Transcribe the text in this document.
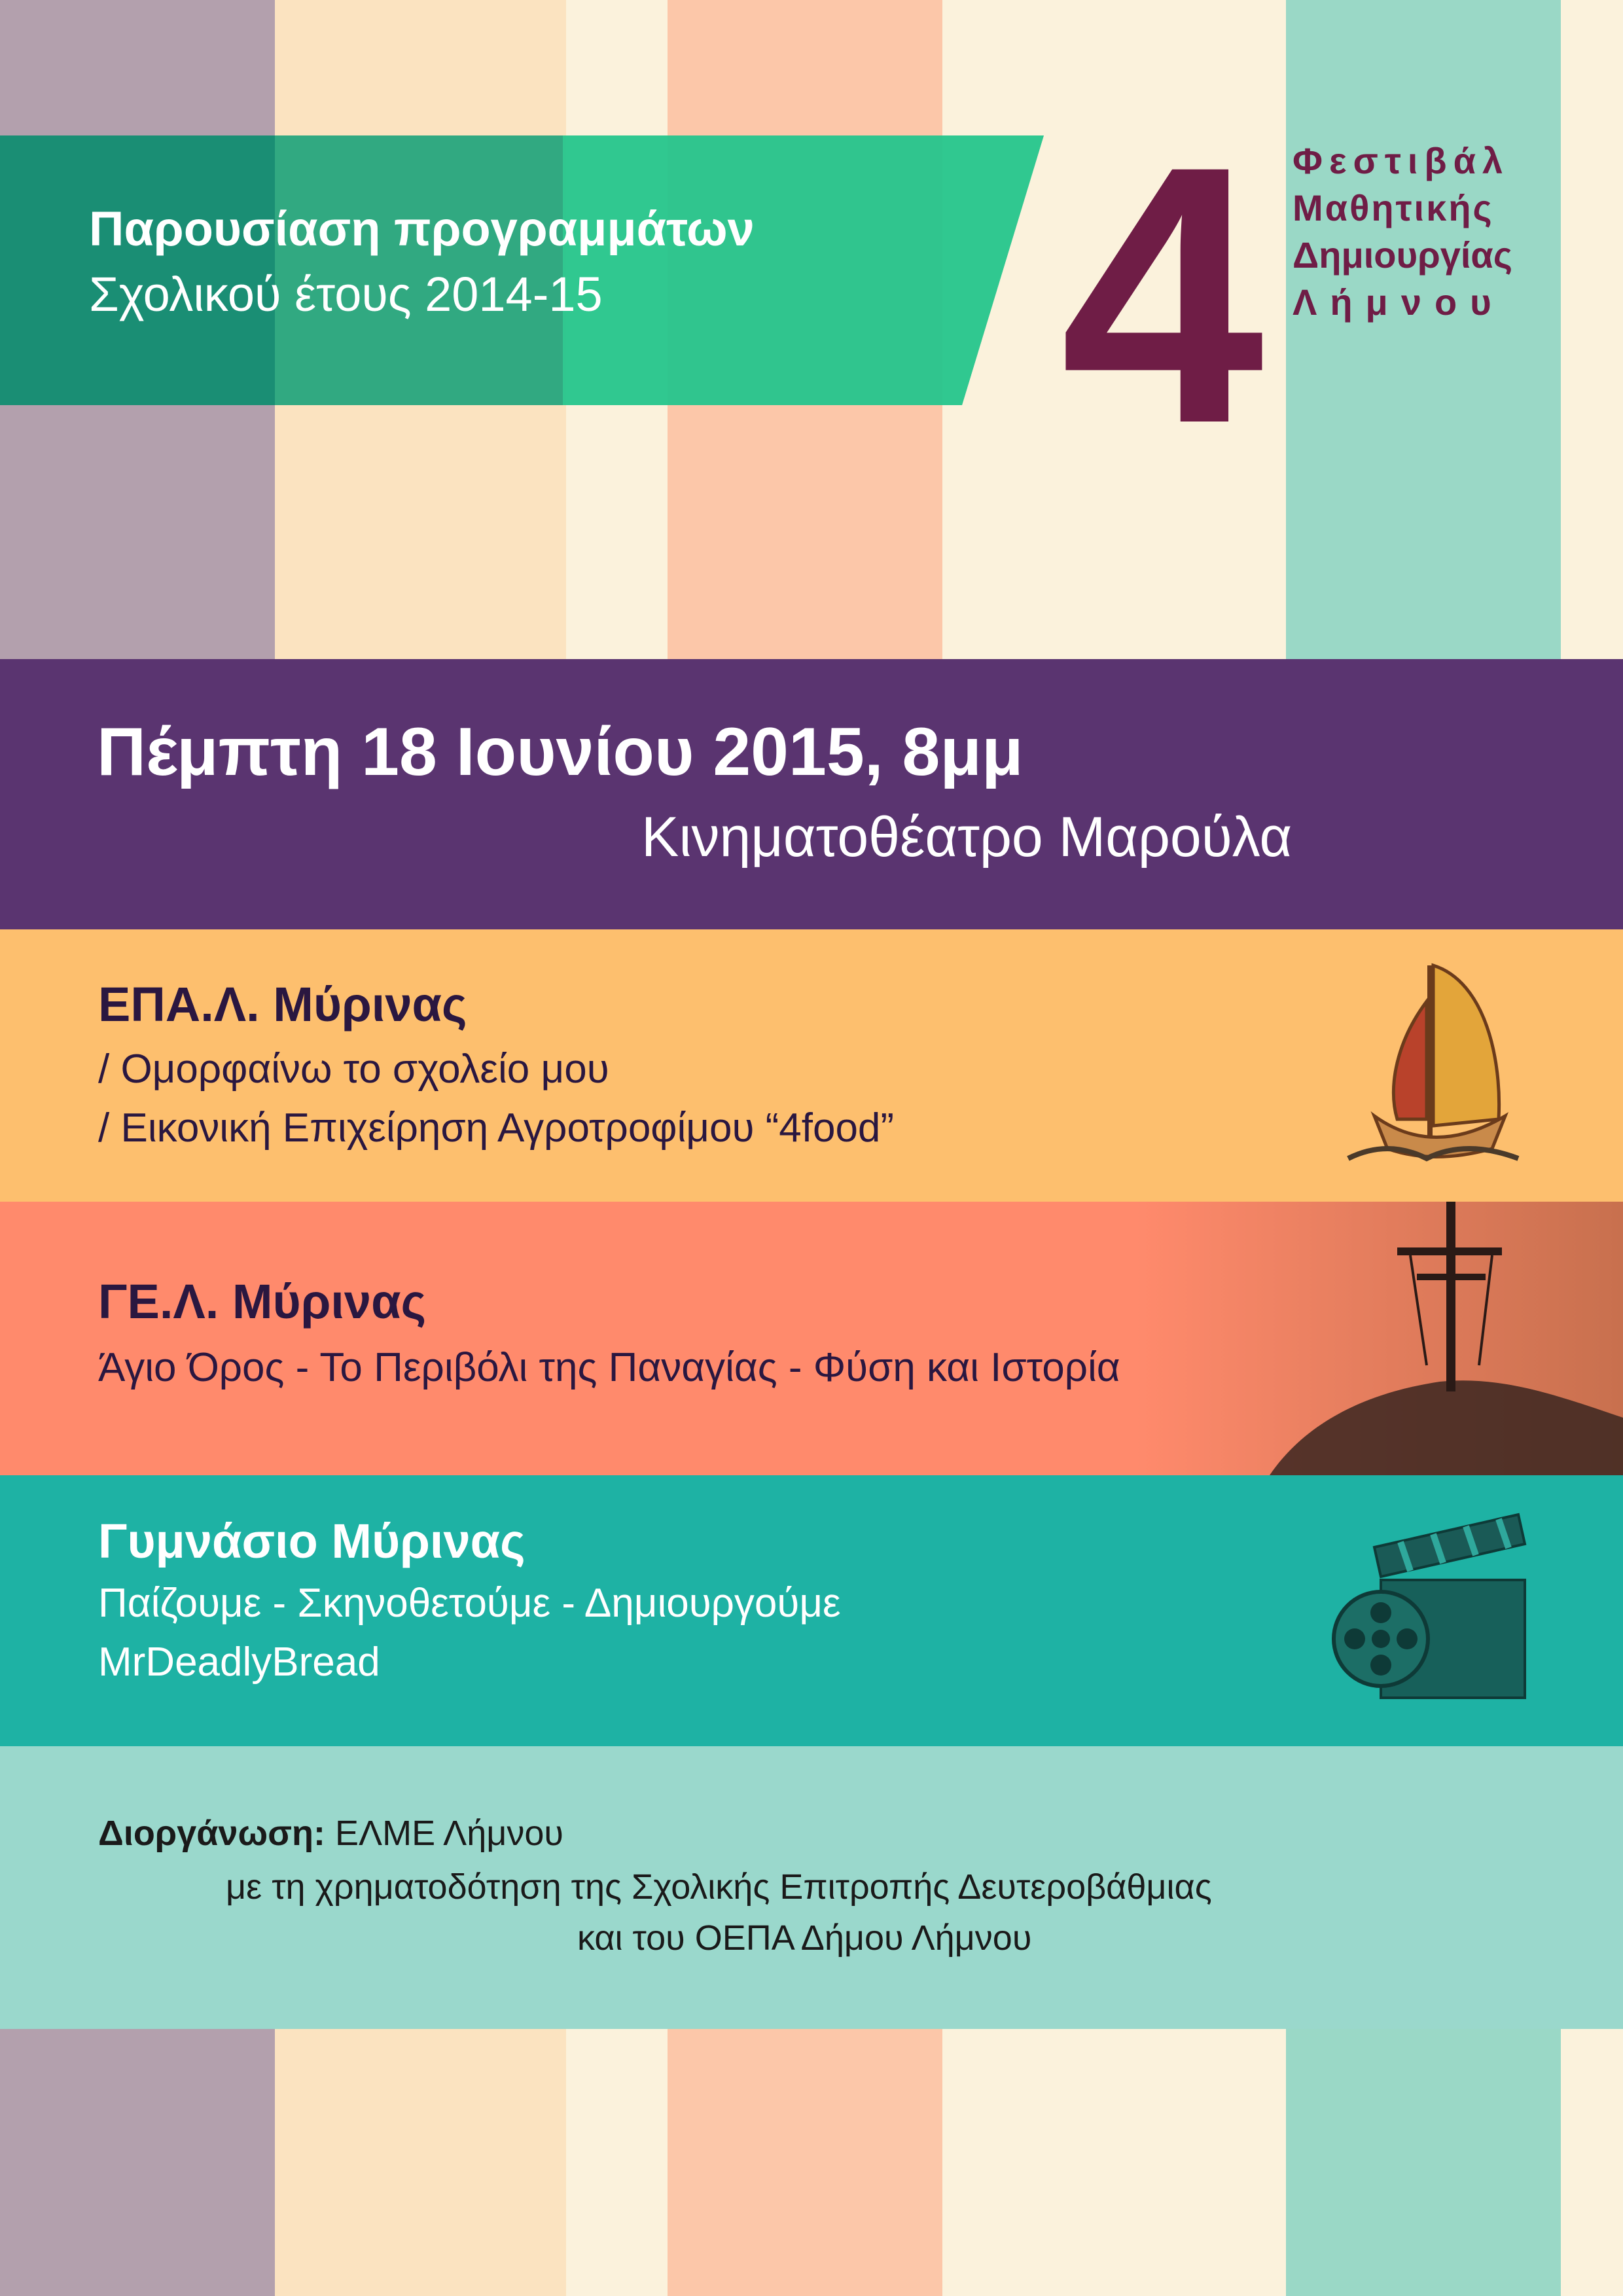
Παρουσίαση προγραμμάτων
Σχολικού έτους 2014-15	4 Φεστιβάλ
Μαθητικής
Δημιουργίας
Λήμνου
Πέμπτη 18 Ιουνίου 2015, 8μμ
Κινηματοθέατρο Μαρούλα
ΕΠΑ.Λ. Μύρινας
/ Ομορφαίνω το σχολείο μου
/ Εικονική Επιχείρηση Αγροτροφίμου “4food”
ΓΕ.Λ. Μύρινας
Άγιο Όρος - Το Περιβόλι της Παναγίας - Φύση και Ιστορία
Γυμνάσιο Μύρινας
Παίζουμε - Σκηνοθετούμε - Δημιουργούμε
MrDeadlyBread
Διοργάνωση: ΕΛΜΕ Λήμνου
με τη χρηματοδότηση της Σχολικής Επιτροπής Δευτεροβάθμιας
και του ΟΕΠΑ Δήμου Λήμνου
